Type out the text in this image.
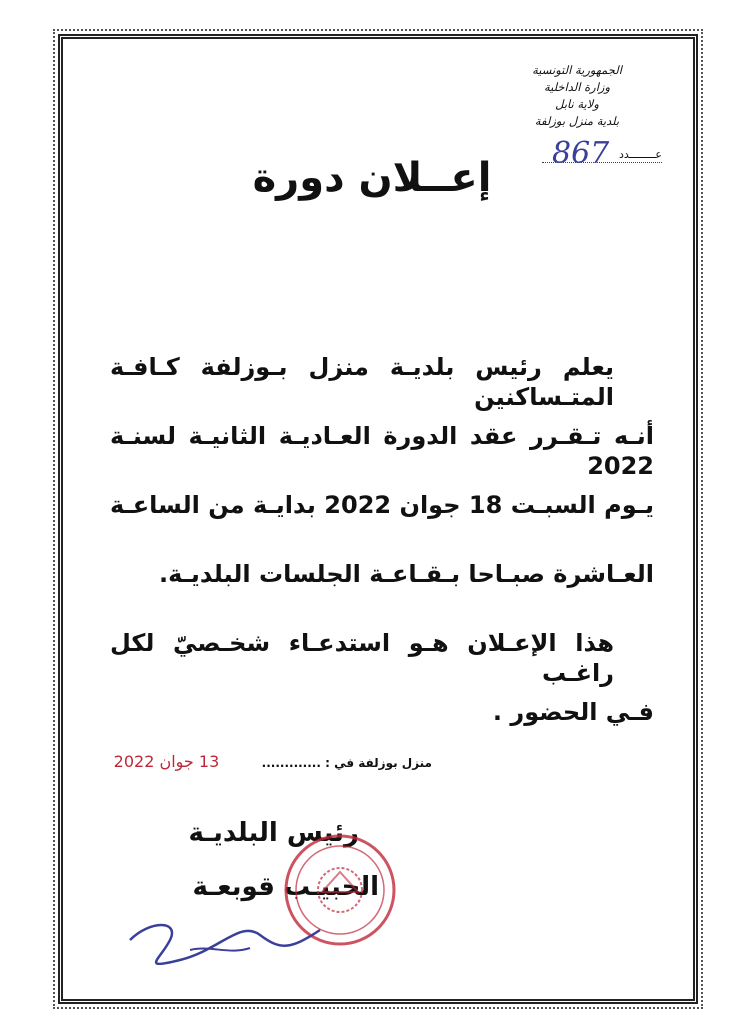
الجمهورية التونسية
وزارة الداخلية
ولاية نابل
بلدية منزل بوزلفة
عــــــــدد
867
إعــلان دورة
يعلم رئيس بلديـة منزل بـوزلفة كـافـة المتـساكنين
أنـه تـقـرر عقد الدورة العـاديـة الثانيـة لسنـة 2022
يـوم السبـت 18 جوان 2022 بدايـة من الساعـة
العـاشرة صبـاحا بـقـاعـة الجلسات البلديـة.
هذا الإعـلان هـو استدعـاء شخـصيّ لكل راغـب
فـي الحضور .
منزل بوزلفة في : .............
13 جوان 2022
رئيس البلديـة
الحبيـب قوبعـة
